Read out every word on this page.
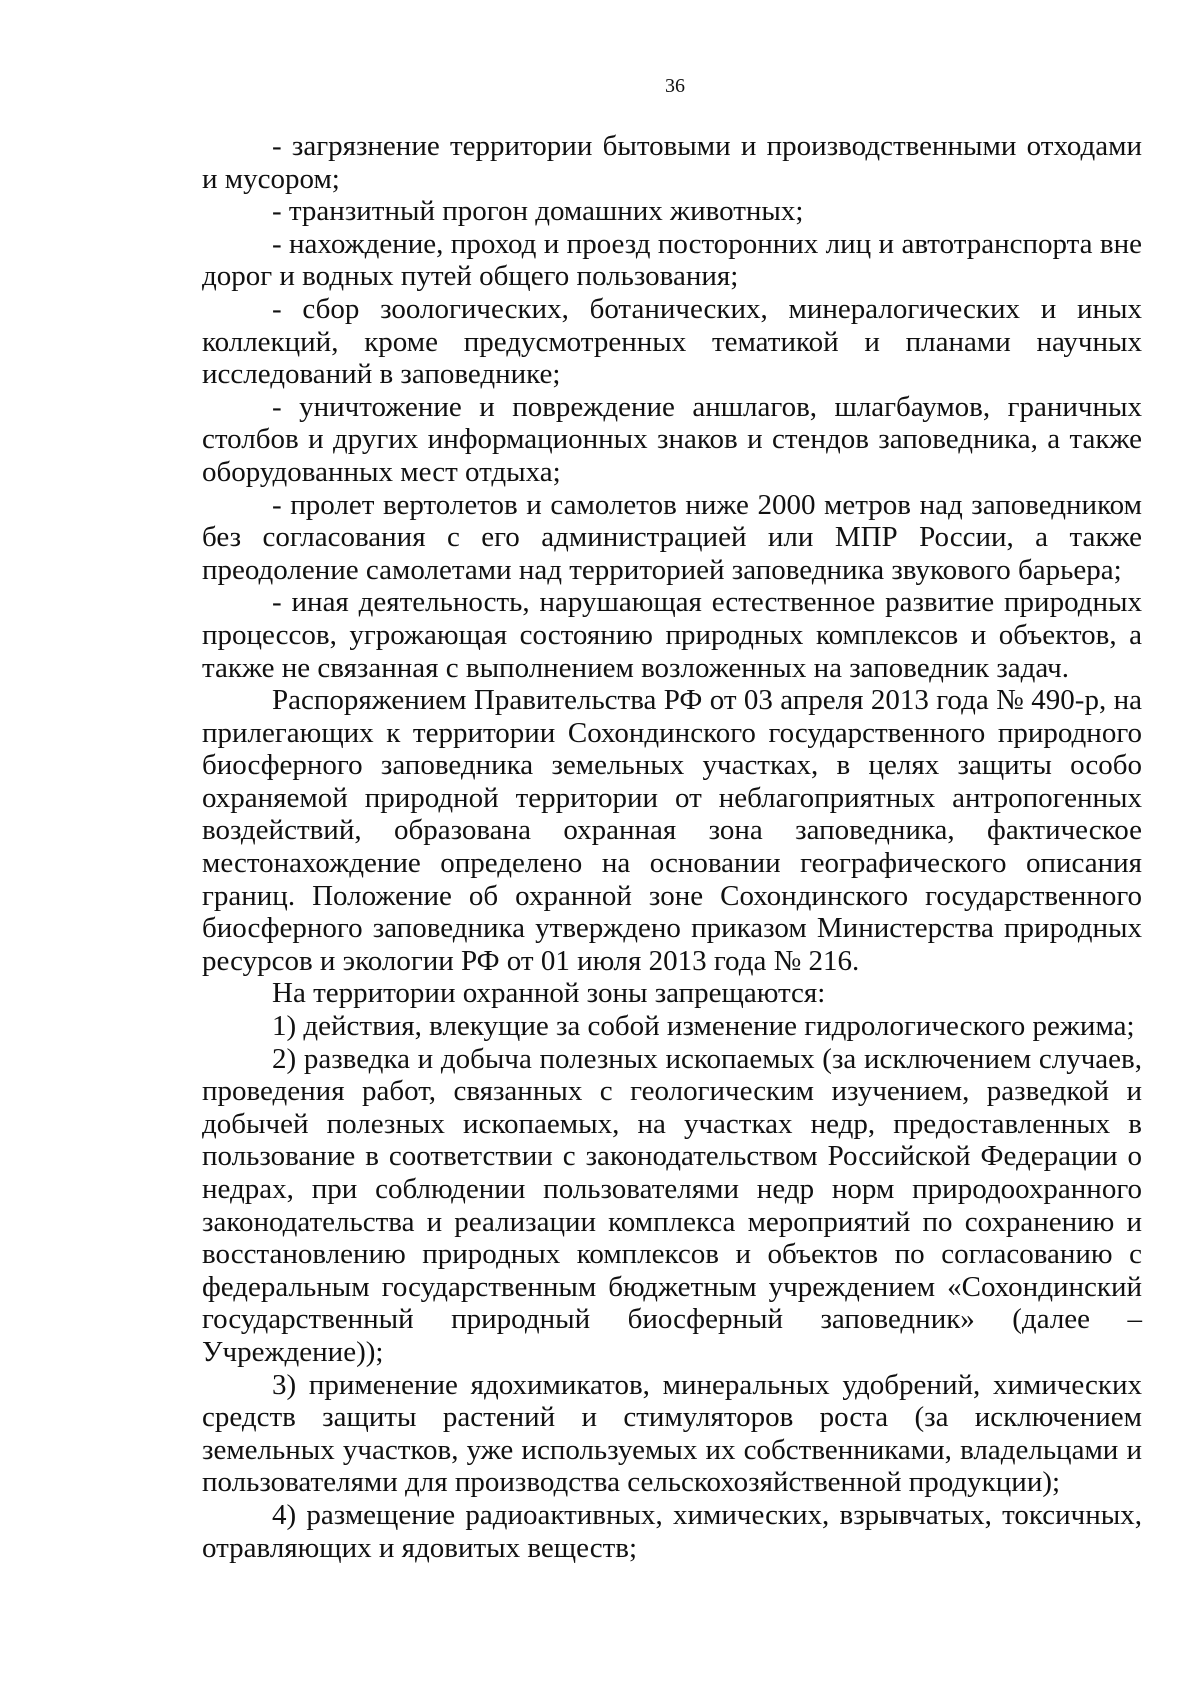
36

- загрязнение территории бытовыми и производственными отходами и мусором;

- транзитный прогон домашних животных;

- нахождение, проход и проезд посторонних лиц и автотранспорта вне дорог и водных путей общего пользования;

- сбор зоологических, ботанических, минералогических и иных коллекций, кроме предусмотренных тематикой и планами научных исследований в заповеднике;

- уничтожение и повреждение аншлагов, шлагбаумов, граничных столбов и других информационных знаков и стендов заповедника, а также оборудованных мест отдыха;

- пролет вертолетов и самолетов ниже 2000 метров над заповедником без согласования с его администрацией или МПР России, а также преодоление самолетами над территорией заповедника звукового барьера;

- иная деятельность, нарушающая естественное развитие природных процессов, угрожающая состоянию природных комплексов и объектов, а также не связанная с выполнением возложенных на заповедник задач.

Распоряжением Правительства РФ от 03 апреля 2013 года № 490-р, на прилегающих к территории Сохондинского государственного природного биосферного заповедника земельных участках, в целях защиты особо охраняемой природной территории от неблагоприятных антропогенных воздействий, образована охранная зона заповедника, фактическое местонахождение определено на основании географического описания границ. Положение об охранной зоне Сохондинского государственного биосферного заповедника утверждено приказом Министерства природных ресурсов и экологии РФ от 01 июля 2013 года № 216.

На территории охранной зоны запрещаются:

1) действия, влекущие за собой изменение гидрологического режима;

2) разведка и добыча полезных ископаемых (за исключением случаев, проведения работ, связанных с геологическим изучением, разведкой и добычей полезных ископаемых, на участках недр, предоставленных в пользование в соответствии с законодательством Российской Федерации о недрах, при соблюдении пользователями недр норм природоохранного законодательства и реализации комплекса мероприятий по сохранению и восстановлению природных комплексов и объектов по согласованию с федеральным государственным бюджетным учреждением «Сохондинский государственный природный биосферный заповедник» (далее – Учреждение));

3) применение ядохимикатов, минеральных удобрений, химических средств защиты растений и стимуляторов роста (за исключением земельных участков, уже используемых их собственниками, владельцами и пользователями для производства сельскохозяйственной продукции);

4) размещение радиоактивных, химических, взрывчатых, токсичных, отравляющих и ядовитых веществ;
